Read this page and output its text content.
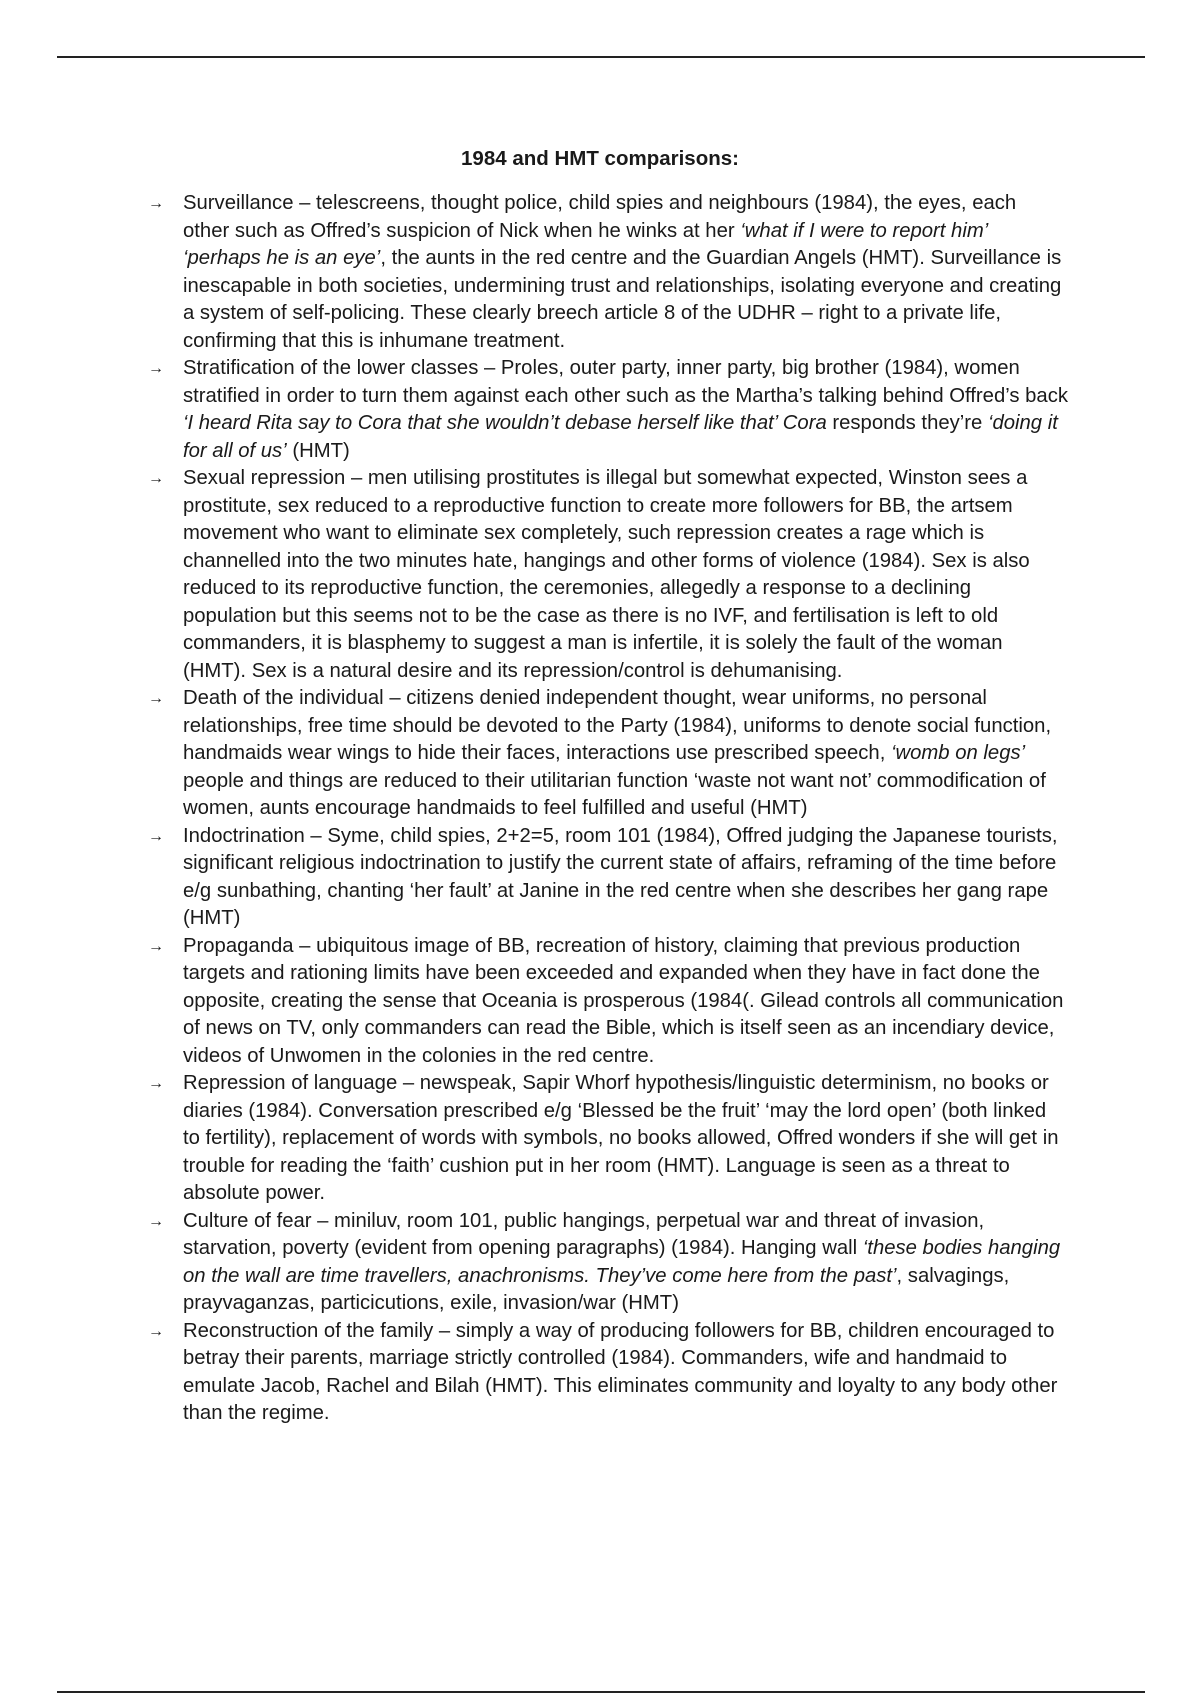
1984 and HMT comparisons:
→ Surveillance – telescreens, thought police, child spies and neighbours (1984), the eyes, each other such as Offred’s suspicion of Nick when he winks at her ‘what if I were to report him’ ‘perhaps he is an eye’, the aunts in the red centre and the Guardian Angels (HMT). Surveillance is inescapable in both societies, undermining trust and relationships, isolating everyone and creating a system of self-policing. These clearly breech article 8 of the UDHR – right to a private life, confirming that this is inhumane treatment.
→ Stratification of the lower classes – Proles, outer party, inner party, big brother (1984), women stratified in order to turn them against each other such as the Martha’s talking behind Offred’s back ‘I heard Rita say to Cora that she wouldn’t debase herself like that’ Cora responds they’re ‘doing it for all of us’ (HMT)
→ Sexual repression – men utilising prostitutes is illegal but somewhat expected, Winston sees a prostitute, sex reduced to a reproductive function to create more followers for BB, the artsem movement who want to eliminate sex completely, such repression creates a rage which is channelled into the two minutes hate, hangings and other forms of violence (1984). Sex is also reduced to its reproductive function, the ceremonies, allegedly a response to a declining population but this seems not to be the case as there is no IVF, and fertilisation is left to old commanders, it is blasphemy to suggest a man is infertile, it is solely the fault of the woman (HMT). Sex is a natural desire and its repression/control is dehumanising.
→ Death of the individual – citizens denied independent thought, wear uniforms, no personal relationships, free time should be devoted to the Party (1984), uniforms to denote social function, handmaids wear wings to hide their faces, interactions use prescribed speech, ‘womb on legs’ people and things are reduced to their utilitarian function ‘waste not want not’ commodification of women, aunts encourage handmaids to feel fulfilled and useful (HMT)
→ Indoctrination – Syme, child spies, 2+2=5, room 101 (1984), Offred judging the Japanese tourists, significant religious indoctrination to justify the current state of affairs, reframing of the time before e/g sunbathing, chanting ‘her fault’ at Janine in the red centre when she describes her gang rape (HMT)
→ Propaganda – ubiquitous image of BB, recreation of history, claiming that previous production targets and rationing limits have been exceeded and expanded when they have in fact done the opposite, creating the sense that Oceania is prosperous (1984(. Gilead controls all communication of news on TV, only commanders can read the Bible, which is itself seen as an incendiary device, videos of Unwomen in the colonies in the red centre.
→ Repression of language – newspeak, Sapir Whorf hypothesis/linguistic determinism, no books or diaries (1984). Conversation prescribed e/g ‘Blessed be the fruit’ ‘may the lord open’ (both linked to fertility), replacement of words with symbols, no books allowed, Offred wonders if she will get in trouble for reading the ‘faith’ cushion put in her room (HMT). Language is seen as a threat to absolute power.
→ Culture of fear – miniluv, room 101, public hangings, perpetual war and threat of invasion, starvation, poverty (evident from opening paragraphs) (1984). Hanging wall ‘these bodies hanging on the wall are time travellers, anachronisms. They’ve come here from the past’, salvagings, prayvaganzas, particicutions, exile, invasion/war (HMT)
→ Reconstruction of the family – simply a way of producing followers for BB, children encouraged to betray their parents, marriage strictly controlled (1984). Commanders, wife and handmaid to emulate Jacob, Rachel and Bilah (HMT). This eliminates community and loyalty to any body other than the regime.
